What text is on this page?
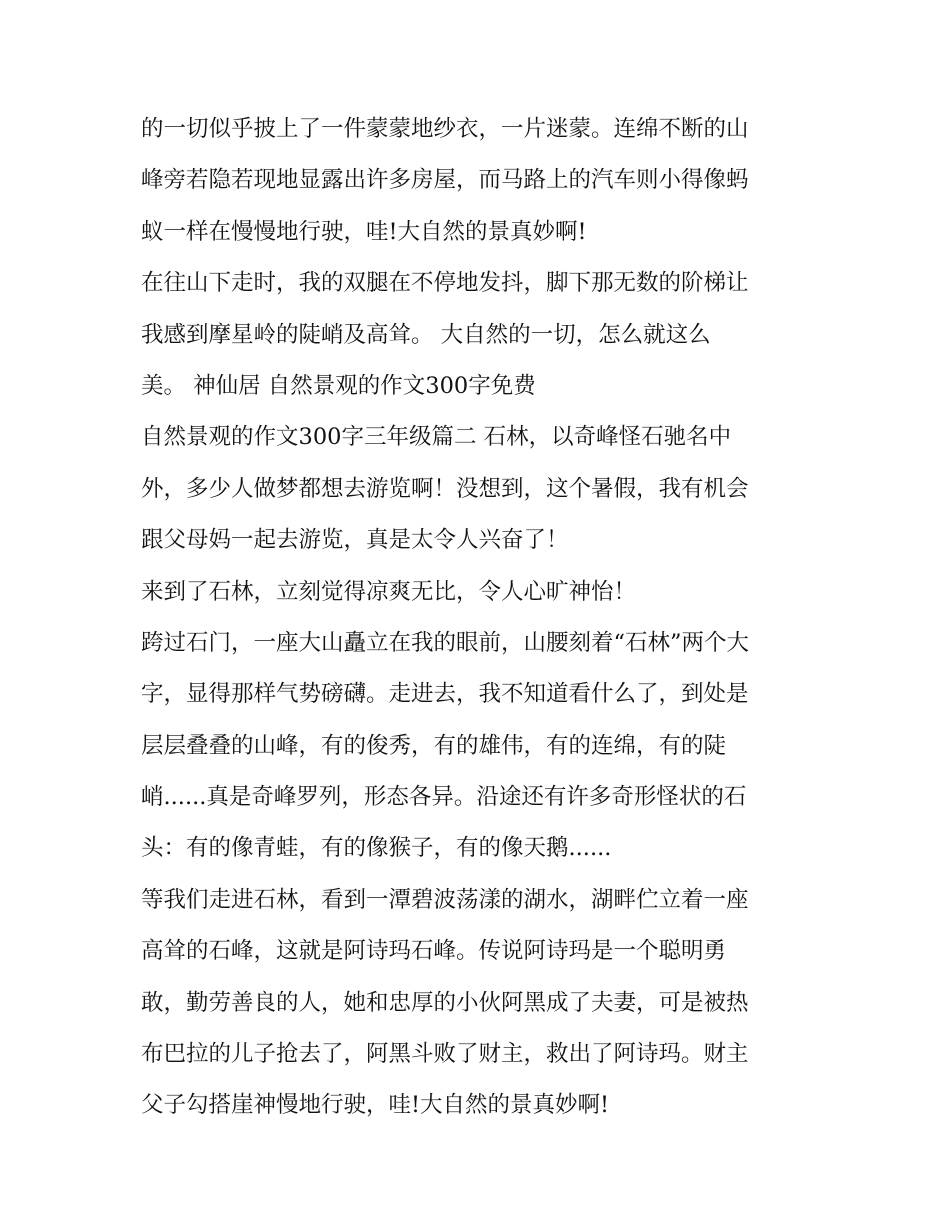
的一切似乎披上了一件蒙蒙地纱衣，一片迷蒙。连绵不断的山
峰旁若隐若现地显露出许多房屋，而马路上的汽车则小得像蚂
蚁一样在慢慢地行驶，哇!大自然的景真妙啊!
在往山下走时，我的双腿在不停地发抖，脚下那无数的阶梯让
我感到摩星岭的陡峭及高耸。 大自然的一切，怎么就这么
美。 神仙居 自然景观的作文300字免费
自然景观的作文300字三年级篇二 石林，以奇峰怪石驰名中
外，多少人做梦都想去游览啊！没想到，这个暑假，我有机会
跟父母妈一起去游览，真是太令人兴奋了！
来到了石林，立刻觉得凉爽无比，令人心旷神怡！
跨过石门，一座大山矗立在我的眼前，山腰刻着“石林”两个大
字，显得那样气势磅礴。走进去，我不知道看什么了，到处是
层层叠叠的山峰，有的俊秀，有的雄伟，有的连绵，有的陡
峭......真是奇峰罗列，形态各异。沿途还有许多奇形怪状的石
头：有的像青蛙，有的像猴子，有的像天鹅......
等我们走进石林，看到一潭碧波荡漾的湖水，湖畔伫立着一座
高耸的石峰，这就是阿诗玛石峰。传说阿诗玛是一个聪明勇
敢，勤劳善良的人，她和忠厚的小伙阿黑成了夫妻，可是被热
布巴拉的儿子抢去了，阿黑斗败了财主，救出了阿诗玛。财主
父子勾搭崖神慢地行驶，哇!大自然的景真妙啊!
